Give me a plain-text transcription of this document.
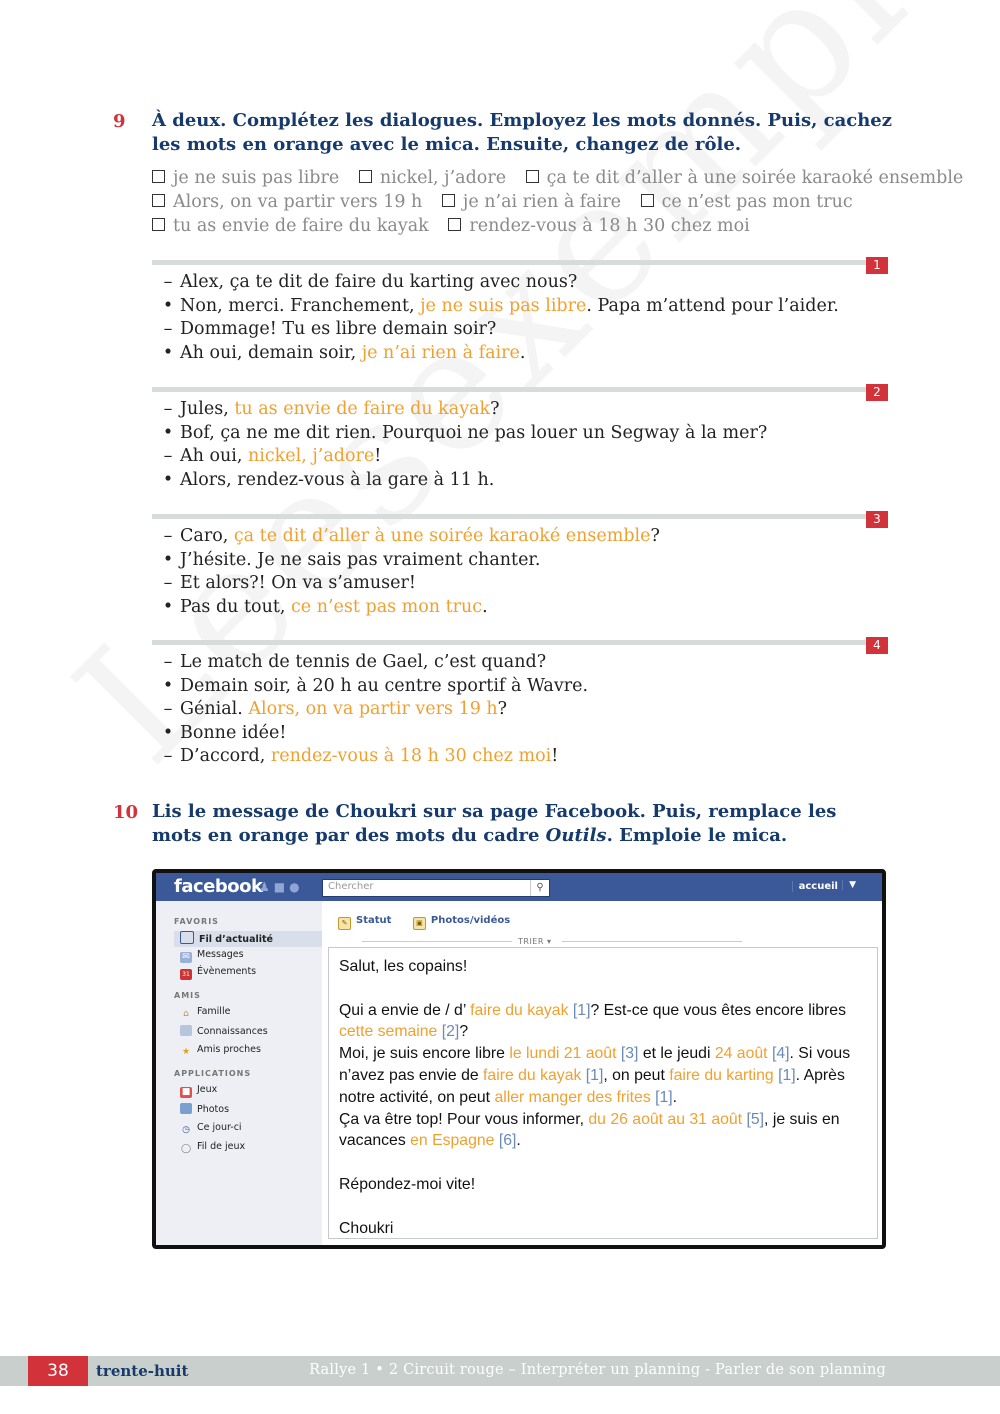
9 À deux. Complétez les dialogues. Employez les mots donnés. Puis, cachez les mots en orange avec le mica. Ensuite, changez de rôle.
je ne suis pas libre nickel, j’adore ça te dit d’aller à une soirée karaoké ensemble
Alors, on va partir vers 19 h je n’ai rien à faire ce n’est pas mon truc
tu as envie de faire du kayak rendez-vous à 18 h 30 chez moi
1
– Alex, ça te dit de faire du karting avec nous?
• Non, merci. Franchement, je ne suis pas libre. Papa m’attend pour l’aider.
– Dommage! Tu es libre demain soir?
• Ah oui, demain soir, je n’ai rien à faire.
2
– Jules, tu as envie de faire du kayak?
• Bof, ça ne me dit rien. Pourquoi ne pas louer un Segway à la mer?
– Ah oui, nickel, j’adore!
• Alors, rendez-vous à la gare à 11 h.
3
– Caro, ça te dit d’aller à une soirée karaoké ensemble?
• J’hésite. Je ne sais pas vraiment chanter.
– Et alors?! On va s’amuser!
• Pas du tout, ce n’est pas mon truc.
4
– Le match de tennis de Gael, c’est quand?
• Demain soir, à 20 h au centre sportif à Wavre.
– Génial. Alors, on va partir vers 19 h?
• Bonne idée!
– D’accord, rendez-vous à 18 h 30 chez moi!
10 Lis le message de Choukri sur sa page Facebook. Puis, remplace les mots en orange par des mots du cadre Outils. Emploie le mica.
facebook
♟■● Chercher	⚲	accueil	▼
FAVORIS
Fil d’actualité
✉ Messages
31 Évènements
AMIS
⌂ Famille
Connaissances
★ Amis proches
APPLICATIONS
■ Jeux
Photos
◷ Ce jour-ci
◯ Fil de jeux
✎ Statut	▣ Photos/vidéos
TRIER ▾

Salut, les copains!

Qui a envie de / d’ faire du kayak [1]? Est-ce que vous êtes encore libres cette semaine [2]?

Moi, je suis encore libre le lundi 21 août [3] et le jeudi 24 août [4]. Si vous n’avez pas envie de faire du kayak [1], on peut faire du karting [1]. Après notre activité, on peut aller manger des frites [1].

Ça va être top! Pour vous informer, du 26 août au 31 août [5], je suis en vacances en Espagne [6].

Répondez-moi vite!

Choukri

38	trente-huit	Rallye 1 • 2 Circuit rouge – Interpréter un planning - Parler de son planning
